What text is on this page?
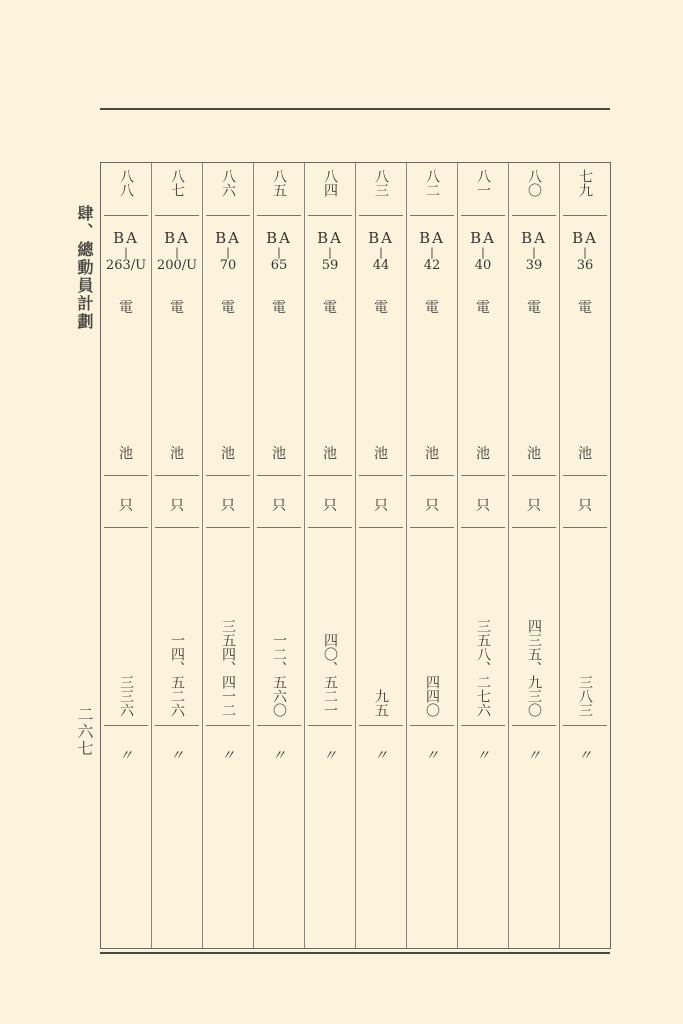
肆、總動員計劃
二六七
八八
BA
|
263/U
電
池
只
三三六
〃
八七
BA
|
200/U
電
池
只
一四、五二六
〃
八六
BA
|
70
電
池
只
三五四、四一二
〃
八五
BA
|
65
電
池
只
一二、五六〇
〃
八四
BA
|
59
電
池
只
四〇、五二一
〃
八三
BA
|
44
電
池
只
九五
〃
八二
BA
|
42
電
池
只
四四〇
〃
八一
BA
|
40
電
池
只
三五八、二七六
〃
八〇
BA
|
39
電
池
只
四三五、九三〇
〃
七九
BA
|
36
電
池
只
三八三
〃
